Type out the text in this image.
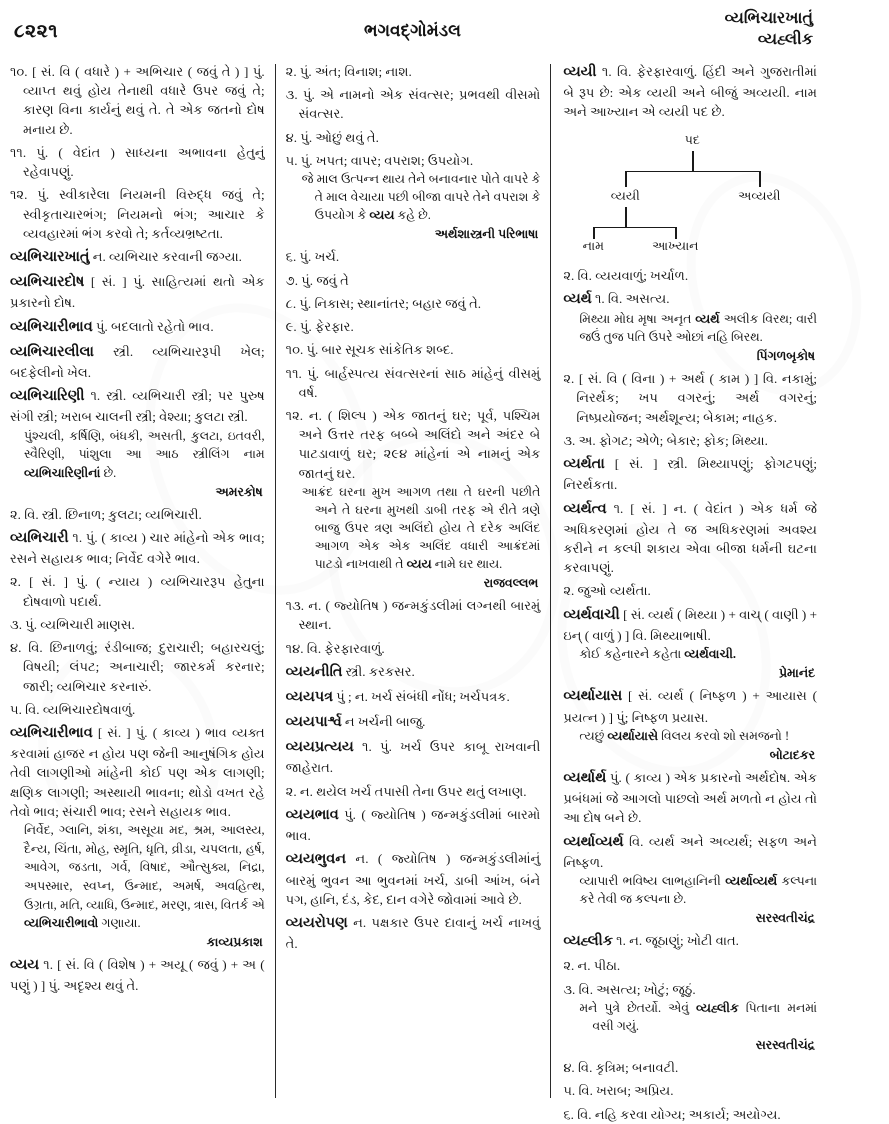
૮૨૨૧	ભગવદ્ગોમંડલ
વ્યભિચારખાતું
વ્યહ્લીક
૧૦. [ સં. વિ ( વધારે ) + અભિચાર ( જવું તે ) ] પું. વ્યાપ્ત થવું હોય તેનાથી વધારે ઉપર જવું તે; કારણ વિના કાર્યનું થવું તે. તે એક જતનો દોષ મનાય છે.
૧૧. પું. ( વેદાંત ) સાધ્યના અભાવના હેતુનું રહેવાપણું.
૧૨. પું. સ્વીકારેલા નિયમની વિરુદ્ધ જવું તે; સ્વીકૃતાચારભંગ; નિયમનો ભંગ; આચાર કે વ્યવહારમાં ભંગ કરવો તે; કર્તવ્યભ્રષ્ટતા.
વ્યભિચારખાતું ન. વ્યભિચાર કરવાની જગ્યા.
વ્યભિચારદોષ [ સં. ] પું. સાહિત્યમાં થતો એક પ્રકારનો દોષ.
વ્યભિચારીભાવ પું. બદલાતો રહેતો ભાવ.
વ્યભિચારલીલા સ્ત્રી. વ્યભિચારરૂપી ખેલ; બદફેલીનો ખેલ.
વ્યભિચારિણી ૧. સ્ત્રી. વ્યભિચારી સ્ત્રી; પર પુરુષ સંગી સ્ત્રી; ખરાબ ચાલની સ્ત્રી; વેશ્યા; કુલટા સ્ત્રી.
પુંશ્ચલી, કર્ષિણિ, બંધકી, અસતી, કુલટા, ઇતવરી, સ્વૈરિણી, પાંશુલા આ આઠ સ્ત્રીલિંગ નામ વ્યભિચારિણીનાં છે.
અમરકોષ
૨. વિ. સ્ત્રી. છિનાળ; કુલટા; વ્યભિચારી.
વ્યભિચારી ૧. પું. ( કાવ્ય ) ચાર માંહેનો એક ભાવ; રસને સહાયક ભાવ; નિર્વેદ વગેરે ભાવ.
૨. [ સં. ] પું. ( ન્યાય ) વ્યભિચારરૂપ હેતુના દોષવાળો પદાર્થ.
૩. પું. વ્યભિચારી માણસ.
૪. વિ. છિનાળવું; રંડીબાજ; દુરાચારી; બહારચલું; વિષયી; લંપટ; અનાચારી; જારકર્મ કરનાર; જારી; વ્યભિચાર કરનારું.
૫. વિ. વ્યભિચારદોષવાળું.
વ્યભિચારીભાવ [ સં. ] પું. ( કાવ્ય ) ભાવ વ્યક્ત કરવામાં હાજર ન હોય પણ જેની આનુષંગિક હોય તેવી લાગણીઓ માંહેની કોઈ પણ એક લાગણી; ક્ષણિક લાગણી; અસ્થાયી ભાવના; થોડો વખત રહે તેવો ભાવ; સંચારી ભાવ; રસને સહાયક ભાવ.
નિર્વેદ, ગ્લાનિ, શંકા, અસૂયા મદ, શ્રમ, આલસ્ય, દૈન્ય, ચિંતા, મોહ, સ્મૃતિ, ધૃતિ, વ્રીડા, ચપલતા, હર્ષ, આવેગ, જડતા, ગર્વ, વિષાદ, ઔત્સુક્ય, નિદ્રા, અપસ્માર, સ્વપ્ન, ઉન્માદ, અમર્ષ, અવહિત્થ, ઉગ્રતા, મતિ, વ્યાધિ, ઉન્માદ, મરણ, ત્રાસ, વિતર્ક એ વ્યભિચારીભાવો ગણાયા.
કાવ્યપ્રકાશ
વ્યય ૧. [ સં. વિ ( વિશેષ ) + અયૂ ( જવું ) + અ ( પણું ) ] પું. અદૃશ્ય થવું તે.
૨. પું. અંત; વિનાશ; નાશ.
૩. પું. એ નામનો એક સંવત્સર; પ્રભવથી વીસમો સંવત્સર.
૪. પું. ઓછું થવું તે.
૫. પું. ખપત; વાપર; વપરાશ; ઉપયોગ.
જે માલ ઉત્પન્ન થાય તેને બનાવનાર પોતે વાપરે કે તે માલ વેચાયા પછી બીજા વાપરે તેને વપરાશ કે ઉપયોગ કે વ્યય કહે છે.
અર્થશાસ્ત્રની પરિભાષા
૬. પું. ખર્ચ.
૭. પું. જવું તે
૮. પું. નિકાસ; સ્થાનાંતર; બહાર જવું તે.
૯. પું. ફેરફાર.
૧૦. પું. બાર સૂચક સાંકેતિક શબ્દ.
૧૧. પું. બાર્હસ્પત્ય સંવત્સરનાં સાઠ માંહેનું વીસમું વર્ષ.
૧૨. ન. ( શિલ્પ ) એક જાતનું ઘર; પૂર્વ, પશ્ચિમ અને ઉત્તર તરફ બબ્બે અલિંદો અને અંદર બે પાટડાવાળું ઘર; ૨૯૪ માંહેનાં એ નામનું એક જાતનું ઘર.
આક્રંદ ઘરના મુખ આગળ તથા તે ઘરની પછીતે અને તે ઘરના મુખથી ડાબી તરફ એ રીતે ત્રણે બાજુ ઉપર ત્રણ અલિંદો હોય તે દરેક અલિંદ આગળ એક એક અલિંદ વધારી આક્રંદમાં પાટડો નાખવાથી તે વ્યય નામે ઘર થાય.
રાજવલ્લભ
૧૩. ન. ( જ્યોતિષ ) જન્મકુંડલીમાં લગ્નથી બારમું સ્થાન.
૧૪. વિ. ફેરફારવાળું.
વ્યયનીતિ સ્ત્રી. કરકસર.
વ્યયપત્ર પું ; ન. ખર્ચ સંબંધી નોંધ; ખર્ચપત્રક.
વ્યયપાર્શ્વ ન ખર્ચની બાજુ.
વ્યયપ્રત્યય ૧. પું. ખર્ચ ઉપર કાબૂ રાખવાની જાહેરાત.
૨. ન. થયેલ ખર્ચ તપાસી તેના ઉપર થતું લખાણ.
વ્યયભાવ પું. ( જ્યોતિષ ) જન્મકુંડલીમાં બારમો ભાવ.
વ્યયભુવન ન. ( જ્યોતિષ ) જન્મકુંડલીમાંનું બારમું ભુવન આ ભુવનમાં ખર્ચ, ડાબી આંખ, બંને પગ, હાનિ, દંડ, કેદ, દાન વગેરે જોવામાં આવે છે.
વ્યયરોપણ ન. પક્ષકાર ઉપર દાવાનું ખર્ચ નાખવું તે.
વ્યયી ૧. વિ. ફેરફારવાળું. હિંદી અને ગુજરાતીમાં બે રૂપ છે: એક વ્યયી અને બીજું અવ્યયી. નામ અને આખ્યાન એ વ્યયી પદ છે.
પદ
વ્યયી	અવ્યયી
નામ	આખ્યાન
૨. વિ. વ્યયવાળું; ખર્ચાળ.
વ્યર્થ ૧. વિ. અસત્ય.
મિથ્યા મોઘ મૃષા અનૃત વ્યર્થ અલીક વિરથ; વારી જઉં તુજ પતિ ઉપરે ઓછાં નહિ બિરથ.
પિંગળબૃકોષ
૨. [ સં. વિ ( વિના ) + અર્થ ( કામ ) ] વિ. નકામું; નિરર્થક; ખપ વગરનું; અર્થ વગરનું; નિષ્પ્રયોજન; અર્થશૂન્ય; બેકામ; નાહક.
૩. અ. ફોગટ; એળે; બેકાર; ફોક; મિથ્યા.
વ્યર્થતા [ સં. ] સ્ત્રી. મિથ્યાપણું; ફોગટપણું; નિરર્થકતા.
વ્યર્થત્વ ૧. [ સં. ] ન. ( વેદાંત ) એક ધર્મ જે અધિકરણમાં હોય તે જ અધિકરણમાં અવશ્ય કરીને ન કલ્પી શકાય એવા બીજા ધર્મની ઘટના કરવાપણું.
૨. જુઓ વ્યર્થતા.
વ્યર્થવાચી [ સં. વ્યર્થ ( મિથ્યા ) + વાચ્ ( વાણી ) + ઇન્ ( વાળું ) ] વિ. મિથ્યાભાષી.
કોઈ કહેનારને કહેતા વ્યર્થવાચી.
પ્રેમાનંદ
વ્યર્થાયાસ [ સં. વ્યર્થ ( નિષ્ફળ ) + આયાસ ( પ્રયત્ન ) ] પું; નિષ્ફળ પ્રયાસ.
ત્યછું વ્યર્થાયાસે વિલય કરવો શો સમજનો !
બોટાદકર
વ્યર્થાર્થ પું. ( કાવ્ય ) એક પ્રકારનો અર્થદોષ. એક પ્રબંધમાં જે આગલો પાછલો અર્થ મળતો ન હોય તો આ દોષ બને છે.
વ્યર્થાવ્યર્થ વિ. વ્યર્થ અને અવ્યર્થ; સફળ અને નિષ્ફળ.
વ્યાપારી ભવિષ્ય લાભહાનિની વ્યર્થાવ્યર્થ કલ્પના કરે તેવી જ કલ્પના છે.
સરસ્વતીચંદ્ર
વ્યહ્લીક ૧. ન. જૂઠાણું; ખોટી વાત.
૨. ન. પીઠા.
૩. વિ. અસત્ય; ખોટું; જૂઠું.
મને પુત્રે છેતર્યો. એવું વ્યહ્લીક પિતાના મનમાં વસી ગયું.
સરસ્વતીચંદ્ર
૪. વિ. કૃત્રિમ; બનાવટી.
૫. વિ. ખરાબ; અપ્રિય.
૬. વિ. નહિ કરવા યોગ્ય; અકાર્ય; અયોગ્ય.
